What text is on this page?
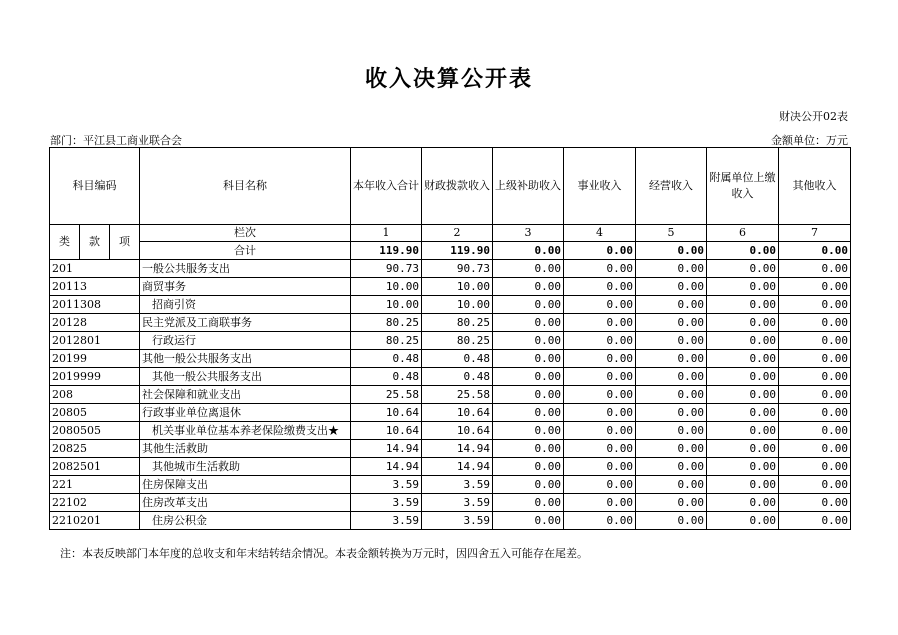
收入决算公开表
财决公开02表
部门：平江县工商业联合会	金额单位：万元
科目编码			科目名称	本年收入合计	财政拨款收入	上级补助收入	事业收入	经营收入	附属单位上缴收入	其他收入
类	款	项	栏次	1	2	3	4	5	6	7
			合计	119.90	119.90	0.00	0.00	0.00	0.00	0.00
201			一般公共服务支出	90.73	90.73	0.00	0.00	0.00	0.00	0.00
20113			商贸事务	10.00	10.00	0.00	0.00	0.00	0.00	0.00
2011308			招商引资	10.00	10.00	0.00	0.00	0.00	0.00	0.00
20128			民主党派及工商联事务	80.25	80.25	0.00	0.00	0.00	0.00	0.00
2012801			行政运行	80.25	80.25	0.00	0.00	0.00	0.00	0.00
20199			其他一般公共服务支出	0.48	0.48	0.00	0.00	0.00	0.00	0.00
2019999			其他一般公共服务支出	0.48	0.48	0.00	0.00	0.00	0.00	0.00
208			社会保障和就业支出	25.58	25.58	0.00	0.00	0.00	0.00	0.00
20805			行政事业单位离退休	10.64	10.64	0.00	0.00	0.00	0.00	0.00
2080505			机关事业单位基本养老保险缴费支出★	10.64	10.64	0.00	0.00	0.00	0.00	0.00
20825			其他生活救助	14.94	14.94	0.00	0.00	0.00	0.00	0.00
2082501			其他城市生活救助	14.94	14.94	0.00	0.00	0.00	0.00	0.00
221			住房保障支出	3.59	3.59	0.00	0.00	0.00	0.00	0.00
22102			住房改革支出	3.59	3.59	0.00	0.00	0.00	0.00	0.00
2210201			住房公积金	3.59	3.59	0.00	0.00	0.00	0.00	0.00
注：本表反映部门本年度的总收支和年末结转结余情况。本表金额转换为万元时，因四舍五入可能存在尾差。
